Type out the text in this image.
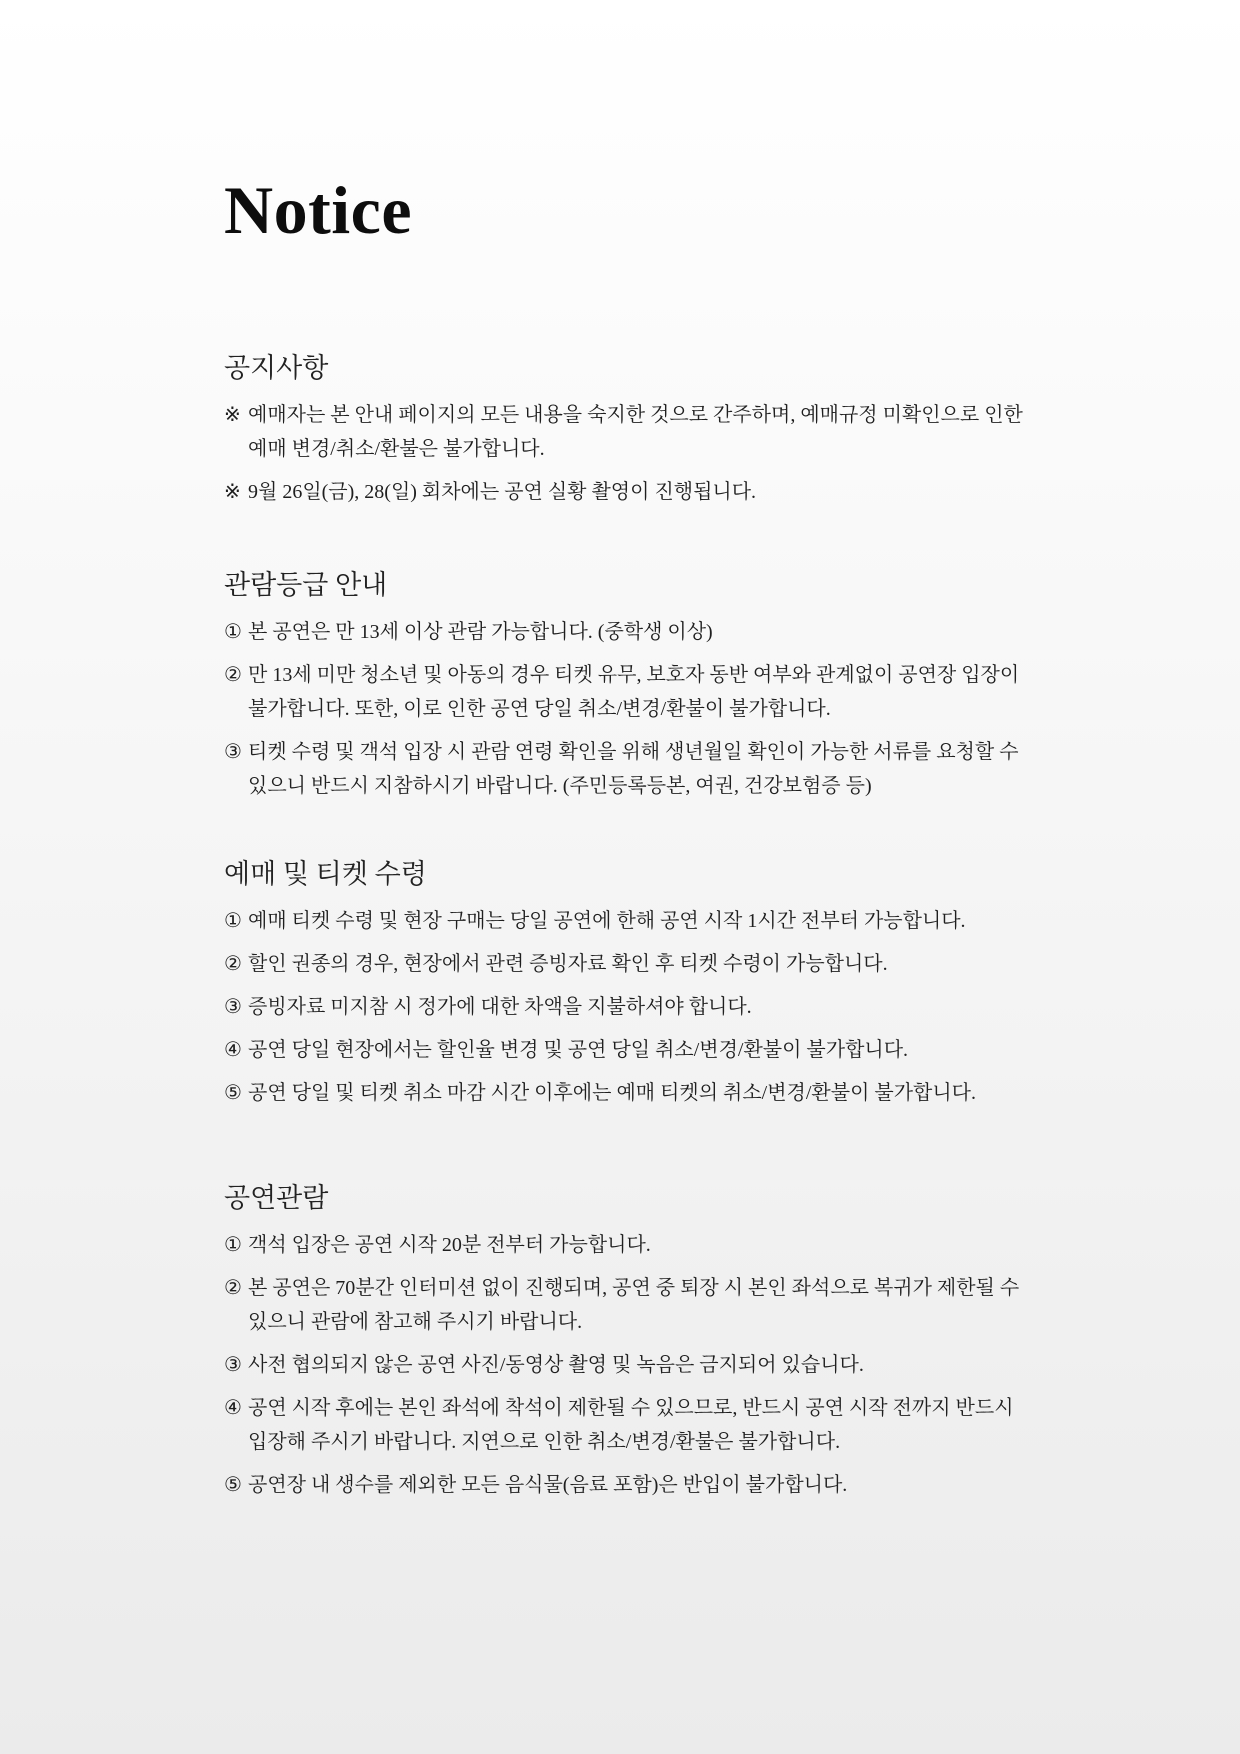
Notice
공지사항
※ 예매자는 본 안내 페이지의 모든 내용을 숙지한 것으로 간주하며, 예매규정 미확인으로 인한 예매 변경/취소/환불은 불가합니다.
※ 9월 26일(금), 28(일) 회차에는 공연 실황 촬영이 진행됩니다.
관람등급 안내
① 본 공연은 만 13세 이상 관람 가능합니다. (중학생 이상)
② 만 13세 미만 청소년 및 아동의 경우 티켓 유무, 보호자 동반 여부와 관계없이 공연장 입장이 불가합니다. 또한, 이로 인한 공연 당일 취소/변경/환불이 불가합니다.
③ 티켓 수령 및 객석 입장 시 관람 연령 확인을 위해 생년월일 확인이 가능한 서류를 요청할 수 있으니 반드시 지참하시기 바랍니다. (주민등록등본, 여권, 건강보험증 등)
예매 및 티켓 수령
① 예매 티켓 수령 및 현장 구매는 당일 공연에 한해 공연 시작 1시간 전부터 가능합니다.
② 할인 권종의 경우, 현장에서 관련 증빙자료 확인 후 티켓 수령이 가능합니다.
③ 증빙자료 미지참 시 정가에 대한 차액을 지불하셔야 합니다.
④ 공연 당일 현장에서는 할인율 변경 및 공연 당일 취소/변경/환불이 불가합니다.
⑤ 공연 당일 및 티켓 취소 마감 시간 이후에는 예매 티켓의 취소/변경/환불이 불가합니다.
공연관람
① 객석 입장은 공연 시작 20분 전부터 가능합니다.
② 본 공연은 70분간 인터미션 없이 진행되며, 공연 중 퇴장 시 본인 좌석으로 복귀가 제한될 수 있으니 관람에 참고해 주시기 바랍니다.
③ 사전 협의되지 않은 공연 사진/동영상 촬영 및 녹음은 금지되어 있습니다.
④ 공연 시작 후에는 본인 좌석에 착석이 제한될 수 있으므로, 반드시 공연 시작 전까지 반드시 입장해 주시기 바랍니다. 지연으로 인한 취소/변경/환불은 불가합니다.
⑤ 공연장 내 생수를 제외한 모든 음식물(음료 포함)은 반입이 불가합니다.
